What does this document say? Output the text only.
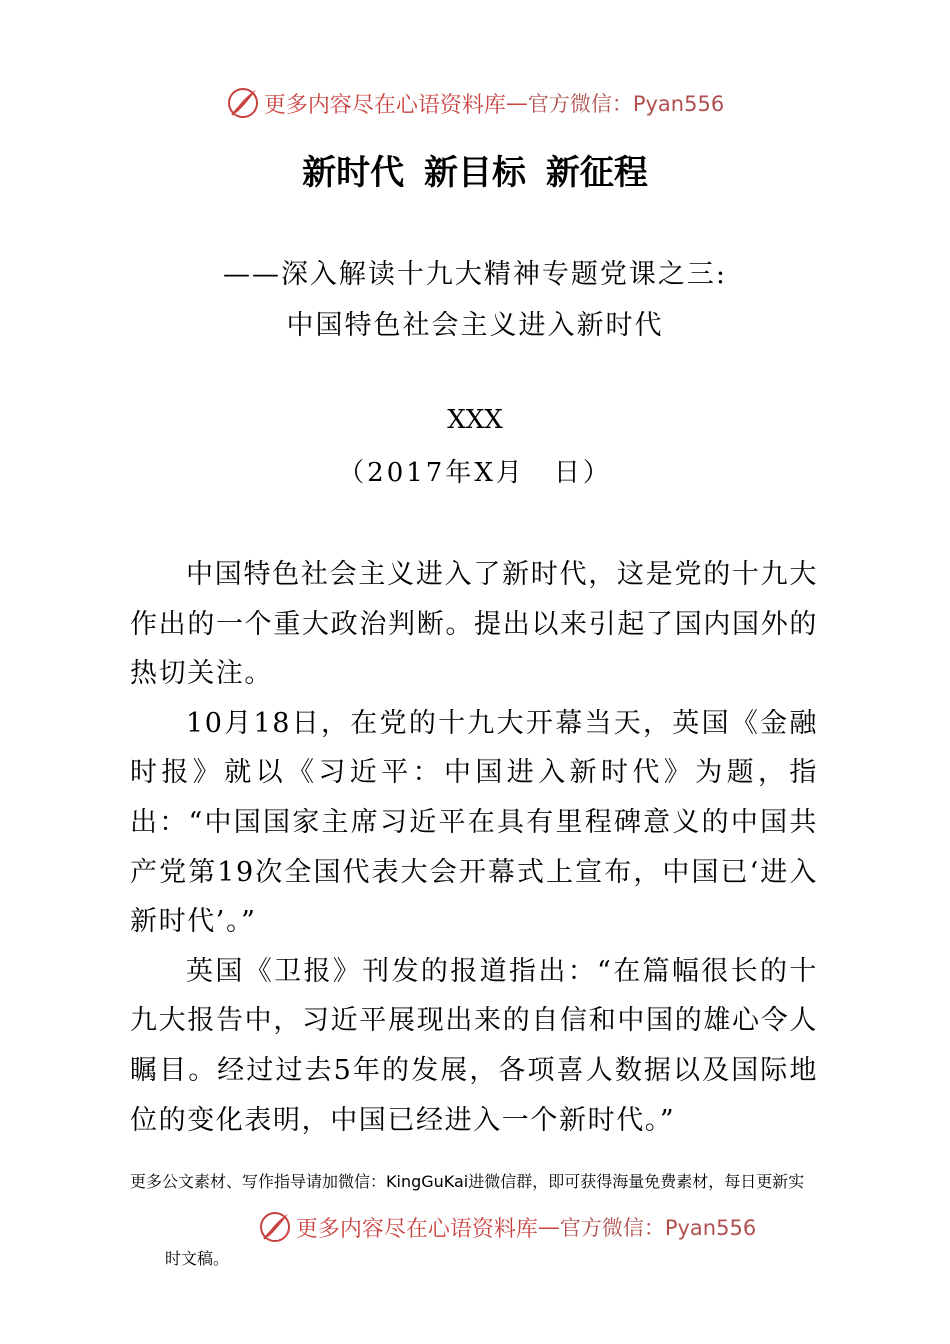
更多内容尽在心语资料库 — 官方微信：Pyan556
新时代 新目标 新征程
——深入解读十九大精神专题党课之三:
中国特色社会主义进入新时代
XXX
（2017年X月　日）

中国特色社会主义进入了新时代，这是党的十九大作出的一个重大政治判断。提出以来引起了国内国外的热切关注。

10月18日，在党的十九大开幕当天，英国《金融时报》就以《习近平：中国进入新时代》为题，指出：“中国国家主席习近平在具有里程碑意义的中国共产党第19次全国代表大会开幕式上宣布，中国已‘进入新时代’。”

英国《卫报》刊发的报道指出：“在篇幅很长的十九大报告中，习近平展现出来的自信和中国的雄心令人瞩目。经过过去5年的发展，各项喜人数据以及国际地位的变化表明，中国已经进入一个新时代。”

更多公文素材、写作指导请加微信：KingGuKai进微信群，即可获得海量免费素材，每日更新实
更多内容尽在心语资料库 — 官方微信：Pyan556
时文稿。
